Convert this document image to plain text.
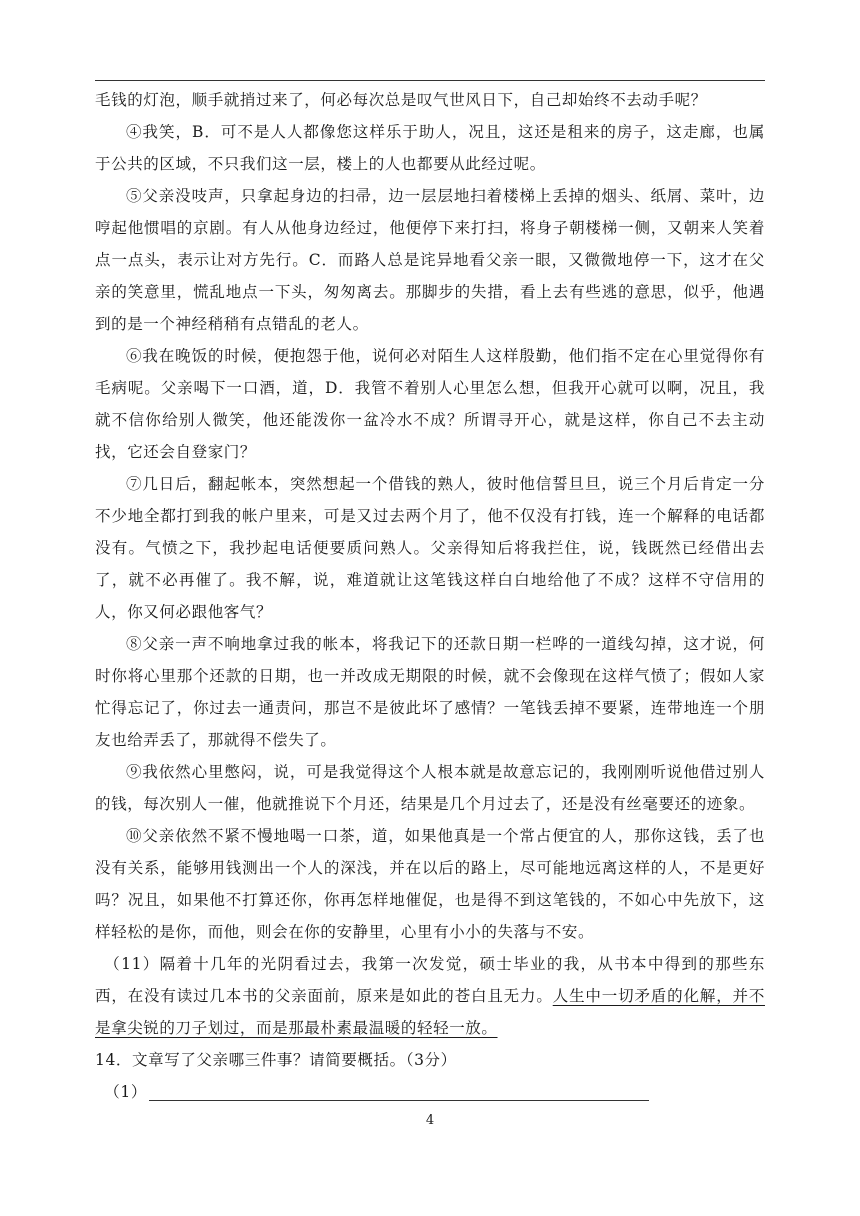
毛钱的灯泡，顺手就捎过来了，何必每次总是叹气世风日下，自己却始终不去动手呢？

④我笑，B．可不是人人都像您这样乐于助人，况且，这还是租来的房子，这走廊，也属于公共的区域，不只我们这一层，楼上的人也都要从此经过呢。

⑤父亲没吱声，只拿起身边的扫帚，边一层层地扫着楼梯上丢掉的烟头、纸屑、菜叶，边哼起他惯唱的京剧。有人从他身边经过，他便停下来打扫，将身子朝楼梯一侧，又朝来人笑着点一点头，表示让对方先行。C．而路人总是诧异地看父亲一眼，又微微地停一下，这才在父亲的笑意里，慌乱地点一下头，匆匆离去。那脚步的失措，看上去有些逃的意思，似乎，他遇到的是一个神经稍稍有点错乱的老人。

⑥我在晚饭的时候，便抱怨于他，说何必对陌生人这样殷勤，他们指不定在心里觉得你有毛病呢。父亲喝下一口酒，道，D．我管不着别人心里怎么想，但我开心就可以啊，况且，我就不信你给别人微笑，他还能泼你一盆冷水不成？所谓寻开心，就是这样，你自己不去主动找，它还会自登家门？

⑦几日后，翻起帐本，突然想起一个借钱的熟人，彼时他信誓旦旦，说三个月后肯定一分不少地全都打到我的帐户里来，可是又过去两个月了，他不仅没有打钱，连一个解释的电话都没有。气愤之下，我抄起电话便要质问熟人。父亲得知后将我拦住，说，钱既然已经借出去了，就不必再催了。我不解，说，难道就让这笔钱这样白白地给他了不成？这样不守信用的人，你又何必跟他客气？

⑧父亲一声不响地拿过我的帐本，将我记下的还款日期一栏哗的一道线勾掉，这才说，何时你将心里那个还款的日期，也一并改成无期限的时候，就不会像现在这样气愤了；假如人家忙得忘记了，你过去一通责问，那岂不是彼此坏了感情？一笔钱丢掉不要紧，连带地连一个朋友也给弄丢了，那就得不偿失了。

⑨我依然心里憋闷，说，可是我觉得这个人根本就是故意忘记的，我刚刚听说他借过别人的钱，每次别人一催，他就推说下个月还，结果是几个月过去了，还是没有丝毫要还的迹象。

⑩父亲依然不紧不慢地喝一口茶，道，如果他真是一个常占便宜的人，那你这钱，丢了也没有关系，能够用钱测出一个人的深浅，并在以后的路上，尽可能地远离这样的人，不是更好吗？况且，如果他不打算还你，你再怎样地催促，也是得不到这笔钱的，不如心中先放下，这样轻松的是你，而他，则会在你的安静里，心里有小小的失落与不安。

（11）隔着十几年的光阴看过去，我第一次发觉，硕士毕业的我，从书本中得到的那些东西，在没有读过几本书的父亲面前，原来是如此的苍白且无力。人生中一切矛盾的化解，并不是拿尖锐的刀子划过，而是那最朴素最温暖的轻轻一放。

14．文章写了父亲哪三件事？请简要概括。（3分）

（1）

4
